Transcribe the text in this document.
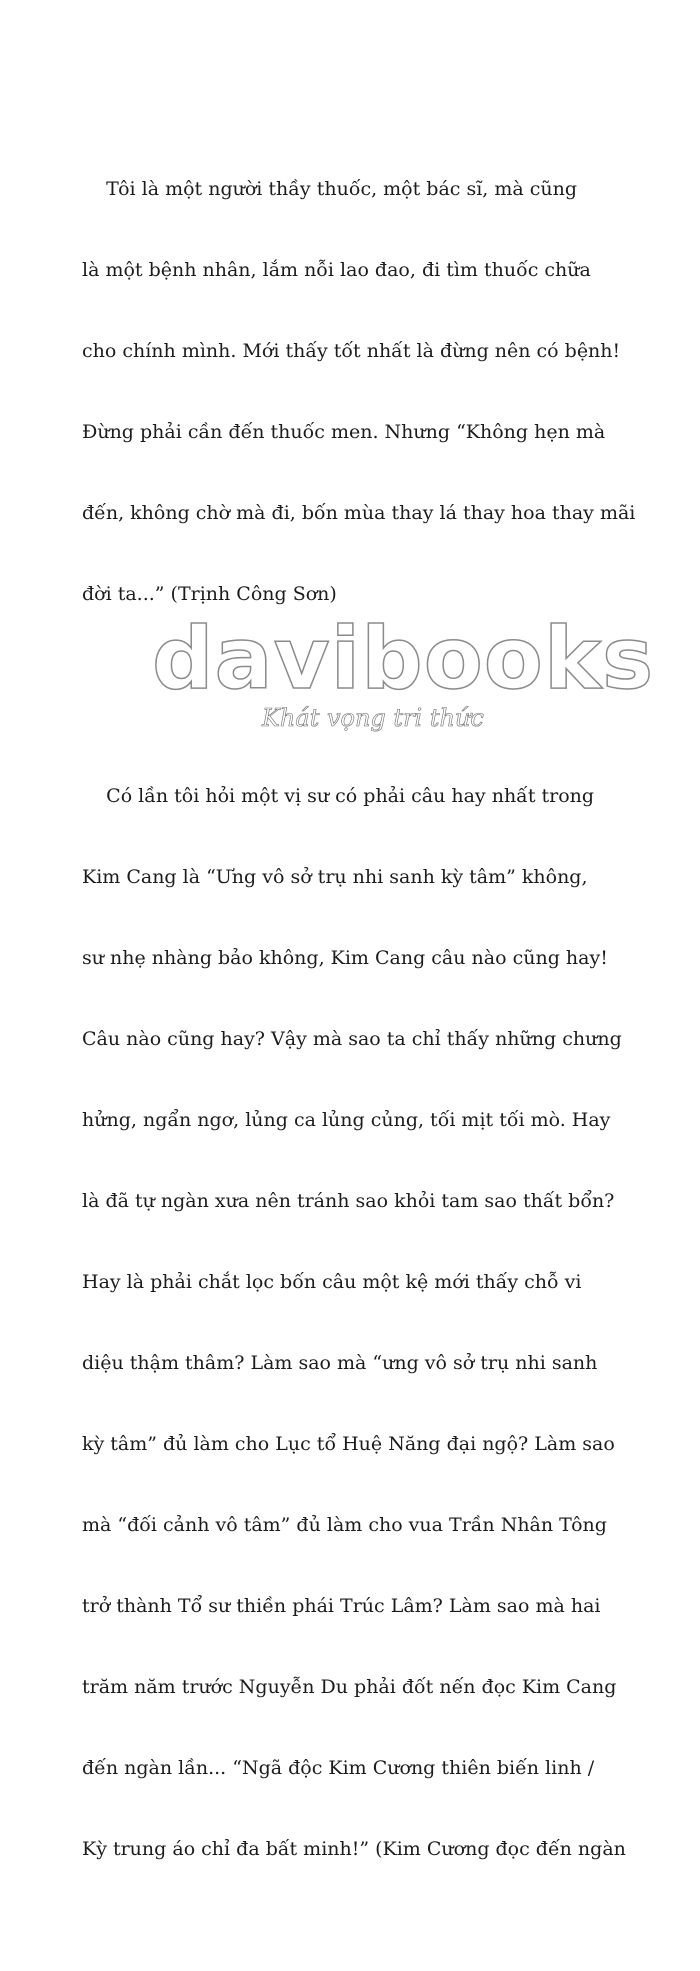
Tôi là một người thầy thuốc, một bác sĩ, mà cũng

là một bệnh nhân, lắm nỗi lao đao, đi tìm thuốc chữa

cho chính mình. Mới thấy tốt nhất là đừng nên có bệnh!

Đừng phải cần đến thuốc men. Nhưng “Không hẹn mà

đến, không chờ mà đi, bốn mùa thay lá thay hoa thay mãi

đời ta...” (Trịnh Công Sơn)

Có lần tôi hỏi một vị sư có phải câu hay nhất trong

Kim Cang là “Ưng vô sở trụ nhi sanh kỳ tâm” không,

sư nhẹ nhàng bảo không, Kim Cang câu nào cũng hay!

Câu nào cũng hay? Vậy mà sao ta chỉ thấy những chưng

hửng, ngẩn ngơ, lủng ca lủng củng, tối mịt tối mò. Hay

là đã tự ngàn xưa nên tránh sao khỏi tam sao thất bổn?

Hay là phải chắt lọc bốn câu một kệ mới thấy chỗ vi

diệu thậm thâm? Làm sao mà “ưng vô sở trụ nhi sanh

kỳ tâm” đủ làm cho Lục tổ Huệ Năng đại ngộ? Làm sao

mà “đối cảnh vô tâm” đủ làm cho vua Trần Nhân Tông

trở thành Tổ sư thiền phái Trúc Lâm? Làm sao mà hai

trăm năm trước Nguyễn Du phải đốt nến đọc Kim Cang

đến ngàn lần... “Ngã độc Kim Cương thiên biến linh /

Kỳ trung áo chỉ đa bất minh!” (Kim Cương đọc đến ngàn

davibooks
Khát vọng tri thức
